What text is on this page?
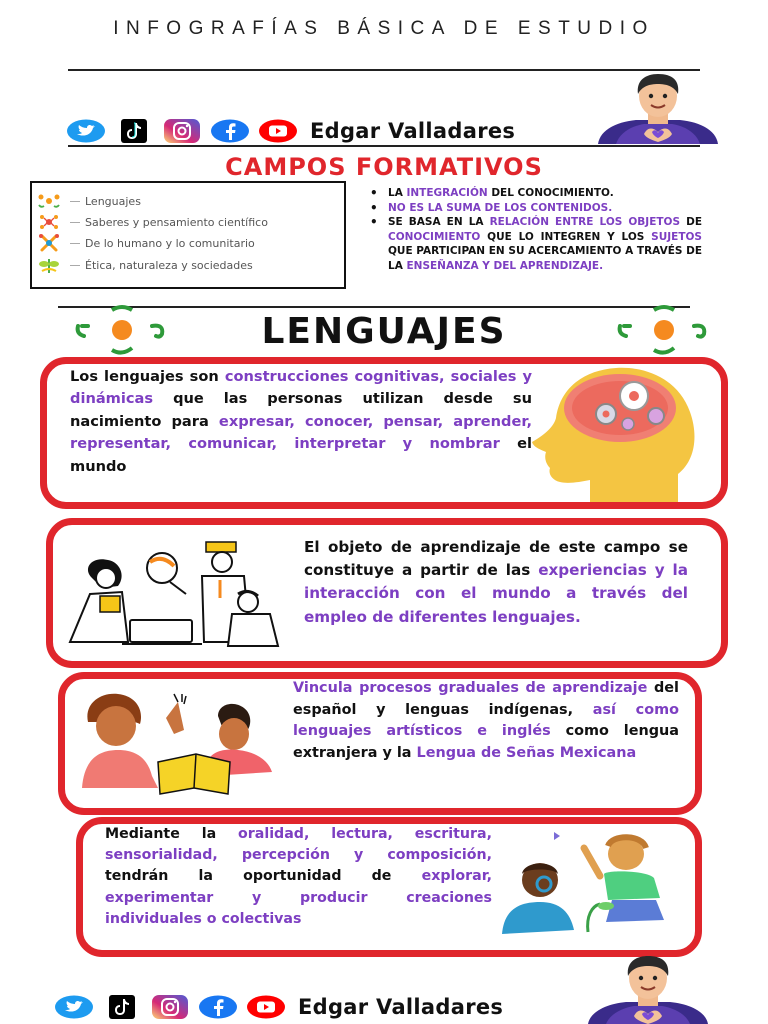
INFOGRAFÍAS BÁSICA DE ESTUDIO
Edgar Valladares
CAMPOS FORMATIVOS
Lenguajes
Saberes y pensamiento científico
De lo humano y lo comunitario
Ética, naturaleza y sociedades
• LA INTEGRACIÓN DEL CONOCIMIENTO.
• NO ES LA SUMA DE LOS CONTENIDOS.
• SE BASA EN LA RELACIÓN ENTRE LOS OBJETOS DE CONOCIMIENTO QUE LO INTEGREN Y LOS SUJETOS QUE PARTICIPAN EN SU ACERCAMIENTO A TRAVÉS DE LA ENSEÑANZA Y DEL APRENDIZAJE.
LENGUAJES
Los lenguajes son construcciones cognitivas, sociales y dinámicas que las personas utilizan desde su nacimiento para expresar, conocer, pensar, aprender, representar, comunicar, interpretar y nombrar el mundo
El objeto de aprendizaje de este campo se constituye a partir de las experiencias y la interacción con el mundo a través del empleo de diferentes lenguajes.
Vincula procesos graduales de aprendizaje del español y lenguas indígenas, así como lenguajes artísticos e inglés como lengua extranjera y la Lengua de Señas Mexicana
Mediante la oralidad, lectura, escritura, sensorialidad, percepción y composición, tendrán la oportunidad de explorar, experimentar y producir creaciones individuales o colectivas
Edgar Valladares
